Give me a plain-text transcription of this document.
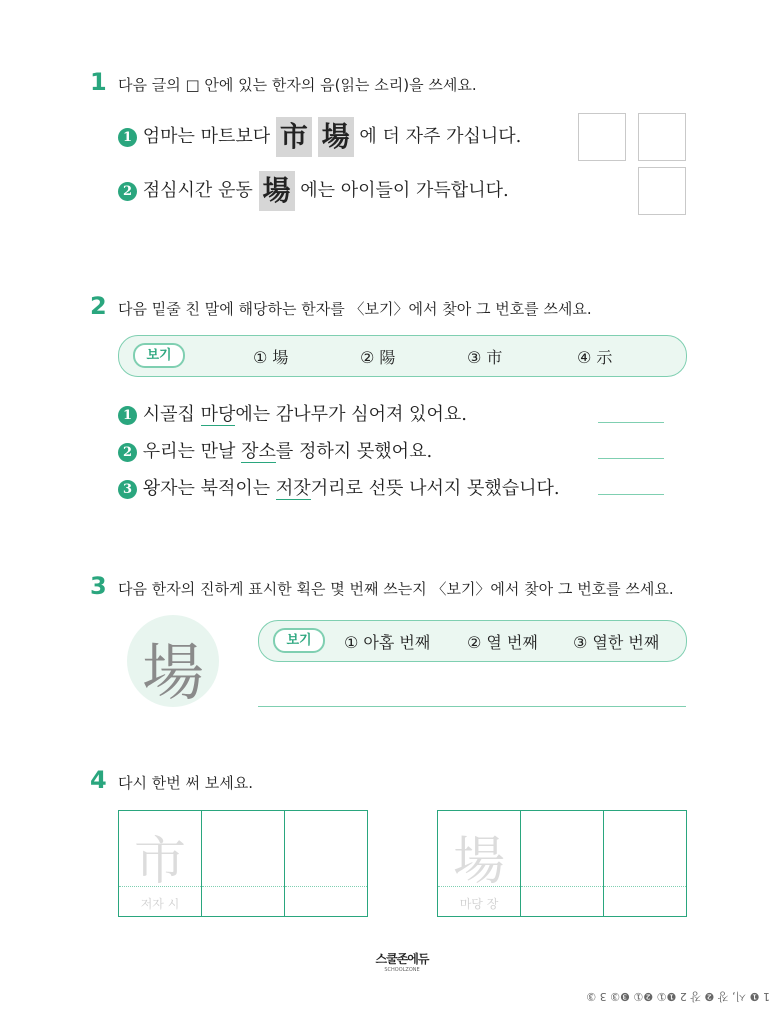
1 다음 글의 □ 안에 있는 한자의 음(읽는 소리)을 쓰세요.
1 엄마는 마트보다 市 場 에 더 자주 가십니다.
2 점심시간 운동 場 에는 아이들이 가득합니다.
2 다음 밑줄 친 말에 해당하는 한자를 〈보기〉에서 찾아 그 번호를 쓰세요.
보기	① 場	② 陽	③ 市	④ 示
1 시골집 마당에는 감나무가 심어져 있어요.
2 우리는 만날 장소를 정하지 못했어요.
3 왕자는 북적이는 저잣거리로 선뜻 나서지 못했습니다.
3 다음 한자의 진하게 표시한 획은 몇 번째 쓰는지 〈보기〉에서 찾아 그 번호를 쓰세요.
場	보기	① 아홉 번째 ② 열 번째 ③ 열한 번째
4 다시 한번 써 보세요.
市
저자 시
場
마당 장
스쿨존에듀
SCHOOLZONE
1 ❶ 시, 장 ❷ 장 2 ❶① ❷① ❸③ 3 ③
